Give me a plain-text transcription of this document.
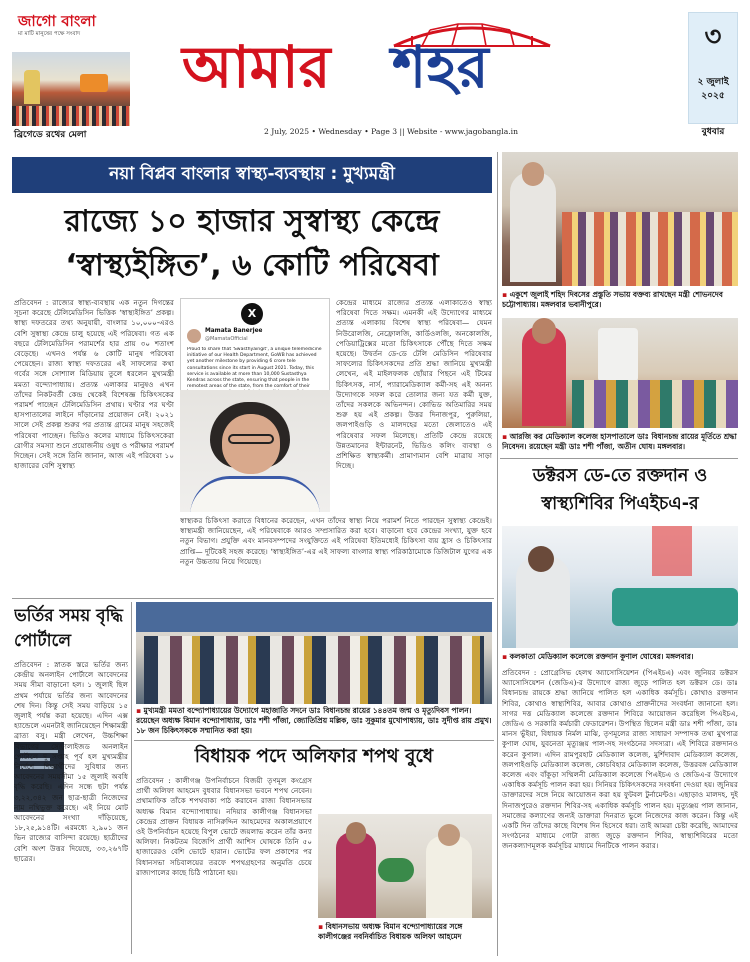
জাগো বাংলা
মা মাটি মানুষের পক্ষে সংবাদ
ব্রিগেডে রথের মেলা
আমার শহর
2 July, 2025 • Wednesday • Page 3 || Website - www.jagobangla.in
৩
২ জুলাই ২০২৫
বুধবার
নয়া বিপ্লব বাংলার স্বাস্থ্য-ব্যবস্থায় : মুখ্যমন্ত্রী
রাজ্যে ১০ হাজার সুস্বাস্থ্য কেন্দ্রে
‘স্বাস্থ্যইঙ্গিত’, ৬ কোটি পরিষেবা
প্রতিবেদন : রাজ্যের স্বাস্থ্য-ব্যবস্থায় এক নতুন দিগন্তের সূচনা করেছে টেলিমেডিসিন ভিত্তিক ‘স্বাস্থ্যইঙ্গিত’ প্রকল্প। স্বাস্থ্য দফতরের তথ্য অনুযায়ী, বাংলার ১০,০০০-এরও বেশি সুস্বাস্থ্য কেন্দ্রে চালু হয়েছে এই পরিষেবা। গত এক বছরে টেলিমেডিসিন পরামর্শের হার প্রায় ৩০ শতাংশ বেড়েছে। এখনও পর্যন্ত ৬ কোটি মানুষ পরিষেবা পেয়েছেন। রাজ্য স্বাস্থ্য দফতরের এই সাফল্যের কথা গর্বের সঙ্গে সোশ্যাল মিডিয়ায় তুলে ধরলেন মুখ্যমন্ত্রী মমতা বন্দ্যোপাধ্যায়। প্রত্যন্ত এলাকার মানুষও এখন তাঁদের নিকটবর্তী কেন্দ্র থেকেই বিশেষজ্ঞ চিকিৎসকের পরামর্শ পাচ্ছেন টেলিমেডিসিন প্রথায়। ঘণ্টার পর ঘণ্টা হাসপাতালের লাইনে দাঁড়ানোর প্রয়োজন নেই। ২০২১ সালে সেই প্রকল্প শুরুর পর প্রত্যন্ত গ্রামের মানুষ সহজেই পরিষেবা পাচ্ছেন। ভিডিও কলের মাধ্যমে চিকিৎসকেরা রোগীর সমস্যা শুনে প্রয়োজনীয় ওষুধ ও পরীক্ষার পরামর্শ দিচ্ছেন। সেই সঙ্গে তিনি জানান, আজ এই পরিষেবা ১০ হাজারের বেশি সুস্বাস্থ্য
X
Mamata Banerjee
@MamataOfficial
Proud to share that 'Swasthyaingit', a unique telemedicine initiative of our Health Department, GoWB has achieved yet another milestone by providing 6 crore tele consultations since its start in August 2021. Today, this service is available at more than 10,000 Sustasthya Kendras across the state, ensuring that people in the remotest areas of the state, from the comfort of their
কেন্দ্রের মাধ্যমে রাজ্যের প্রত্যন্ত এলাকাতেও স্বাস্থ্য পরিষেবা দিতে সক্ষম। এমনকী এই উদ্যোগের মাধ্যমে প্রত্যন্ত এলাকায় বিশেষ স্বাস্থ্য পরিষেবা— যেমন নিউরোলজি, নেফ্রোলজি, কার্ডিওলজি, অনকোলজি, পেডিয়াট্রিক্সের মতো চিকিৎসাকে পৌঁছে দিতে সক্ষম হয়েছে। উদ্বর্তন ডে-ডে টেলি মেডিসিন পরিষেবার সাফল্যের চিকিৎসকদের প্রতি শ্রদ্ধা জানিয়ে মুখ্যমন্ত্রী লেখেন, এই মাইলফলক ছোঁয়ার পিছনে এই টিমের চিকিৎসক, নার্স, প্যারামেডিক্যাল কর্মী-সহ এই অনন্য উদ্যোগকে সফল করে তোলার জন্য যত কর্মী যুক্ত, তাঁদের সকলকে অভিনন্দন। কোভিড অতিমারির সময় শুরু হয় এই প্রকল্প। উত্তর দিনাজপুর, পুরুলিয়া, জলপাইগুড়ি ও মালদহের মতো জেলাতেও এই পরিষেবার সফল মিলেছে। প্রতিটি কেন্দ্রে রয়েছে উন্নতমানের ইন্টারনেট, ভিডিও কলিং ব্যবস্থা ও প্রশিক্ষিত স্বাস্থ্যকর্মী। প্রামাণ্যমান বেশি মাত্রায় সাড়া দিচ্ছে।
স্বাস্থ্যকর চিকিৎসা করাতে বিধানের করেছেন, এখন তাঁদের স্বাস্থ্য নিয়ে পরামর্শ নিতে পারছেন সুস্বাস্থ্য কেন্দ্রেই। স্বাস্থ্যমন্ত্রী জানিয়েছেন, এই পরিষেবাকে আরও সম্প্রসারিত করা হবে। বাড়ানো হবে কেন্দ্রের সংখ্যা, যুক্ত হবে নতুন বিভাগ। প্রযুক্তি এবং মানবসম্পদের সংযুক্তিতে এই পরিষেবা ইতিমধ্যেই চিকিৎসা ব্যয় হ্রাস ও চিকিৎসার প্রাপ্তি— দুটিকেই সহজ করেছে। ‘স্বাস্থ্যইঙ্গিত’-এর এই সাফল্য বাংলার স্বাস্থ্য পরিকাঠামোকে ডিজিটাল যুগের এক নতুন উচ্চতায় নিয়ে গিয়েছে।
▪ একুশে জুলাই শহিদ দিবসের প্রস্তুতি সভায় বক্তব্য রাখছেন মন্ত্রী শোভনদেব চট্টোপাধ্যায়। মঙ্গলবার ভবানীপুরে।
▪ আরজি কর মেডিক্যাল কলেজ হাসপাতালে ডাঃ বিধানচন্দ্র রায়ের মূর্তিতে শ্রদ্ধা নিবেদন। রয়েছেন মন্ত্রী ডাঃ শশী পাঁজা, অতীন ঘোষ। মঙ্গলবার।
ডক্টরস ডে-তে রক্তদান ও
স্বাস্থ্যশিবির পিএইচএ-র
▪ কলকাতা মেডিক্যাল কলেজে রক্তদান কুণাল ঘোষের। মঙ্গলবার।
প্রতিবেদন : প্রোগ্রেসিভ হেলথ অ্যাসোসিয়েশন (পিএইচএ) এবং জুনিয়র ডক্টরস অ্যাসোসিয়েশন (জেডিএ)-র উদ্যোগে রাজ্য জুড়ে পালিত হল ডক্টরস ডে। ডাঃ বিধানচন্দ্র রায়কে শ্রদ্ধা জানিয়ে পালিত হল একাধিক কর্মসূচি। কোথাও রক্তদান শিবির, কোথাও স্বাস্থ্যশিবির, আবার কোথাও প্রাক্তনীদের সংবর্ধনা জানানো হল। সাগর দত্ত মেডিক্যাল কলেজে রক্তদান শিবিরে আয়োজন করেছিল পিএইচএ, জেডিএ ও সরকারি কর্মচারী ফেডারেশন। উপস্থিত ছিলেন মন্ত্রী ডাঃ শশী পাঁজা, ডাঃ মানস ভুঁইয়া, বিধায়ক নির্মল মাঝি, তৃণমূলের রাজ্য সাধারণ সম্পাদক তথা মুখপাত্র কুণাল ঘোষ, যুবনেতা মৃত্যুঞ্জয় পাল-সহ সংগঠনের সদস্যরা। এই শিবিরে রক্তদানও করেন কুণাল। এদিন রামপুরহাট মেডিক্যাল কলেজ, মুর্শিদাবাদ মেডিক্যাল কলেজ, জলপাইগুড়ি মেডিক্যাল কলেজ, কোচবিহার মেডিক্যাল কলেজ, উত্তরবঙ্গ মেডিক্যাল কলেজ এবং বাঁকুড়া সম্মিলনী মেডিক্যাল কলেজে পিএইচএ ও জেডিএ-র উদ্যোগে একাধিক কর্মসূচি পালন করা হয়। সিনিয়র চিকিৎসকদের সংবর্ধনা দেওয়া হয়। জুনিয়র ডাক্তারদের সঙ্গে নিয়ে আয়োজন করা হয় ফুটবল টুর্নামেন্টও। এছাড়াও মালদহ, দুই দিনাজপুরেও রক্তদান শিবির-সহ একাধিক কর্মসূচি পালন হয়। মৃত্যুঞ্জয় পাল জানান, সমাজের কল্যাণের জন্যই ডাক্তারা দিনরাত ভুলে নিজেদের কাজ করেন। কিন্তু এই একটি দিন তাঁদের কাছে বিশেষ দিন হিসেবে ধরা। তাই আমরা চেষ্টা করেছি, আমাদের সংগঠনের মাধ্যমে গোটা রাজ্য জুড়ে রক্তদান শিবির, স্বাস্থ্যশিবিরের মতো জনকল্যাণমূলক কর্মসূচির মাধ্যমে দিনটিকে পালন করার।
ভর্তির সময় বৃদ্ধি পোর্টালে
প্রতিবেদন : স্নাতক স্তরে ভর্তির জন্য কেন্দ্রীয় অনলাইন পোর্টালে আবেদনের সময় সীমা বাড়ানো হল। ১ জুলাই ছিল প্রথম পর্যায়ে ভর্তির জন্য আবেদনের শেষ দিন। কিন্তু সেই সময় বাড়িয়ে ১৫ জুলাই পর্যন্ত করা হয়েছে। এদিন এক্স হ্যান্ডেলে এমনটাই জানিয়েছেন শিক্ষামন্ত্রী ব্রাত্য বসু। মন্ত্রী লেখেন, উচ্চশিক্ষা বিভাগের সেন্ট্রালাইজড অনলাইন পোর্টালে দু সপ্তাহ পূর্ব হল মুখ্যমন্ত্রীর নির্দেশে শিক্ষার্থীদের সুবিধার জন্য আবেদনের সময়সীমা ১৫ জুলাই অবধি বৃদ্ধি করেছি। এদিন সন্ধে ছটা পর্যন্ত ৩,২২,৩৪২ জন ছাত্র-ছাত্রী নিজেদের নাম নথিভুক্ত করেছে। এই নিয়ে মোট আবেদনের সংখ্যা দাঁড়িয়েছে, ১৮,২৫,৯১৪টি। এরমধ্যে ২,৯০১ জন ভিন রাজ্যের বাসিন্দা রয়েছে। ছাত্রীদের বেশি অংশ উত্তর দিয়েছে, ৩৩,২৬৭টি ছাত্রের।
▪ মুখ্যমন্ত্রী মমতা বন্দ্যোপাধ্যায়ের উদ্যোগে মহাজাতি সদনে ডাঃ বিধানচন্দ্র রায়ের ১৪৪তম জন্ম ও মৃত্যুদিবস পালন। রয়েছেন অধ্যক্ষ বিমান বন্দ্যোপাধ্যায়, ডাঃ শশী পাঁজা, জ্যোতিপ্রিয় মল্লিক, ডাঃ সুকুমার মুখোপাধ্যায়, ডাঃ সুদীপ্ত রায় প্রমুখ। ১৮ জন চিকিৎসককে সম্মানিত করা হয়।
বিধায়ক পদে অলিফার শপথ বুধে
প্রতিবেদন : কালীগঞ্জ উপনির্বাচনে বিজয়ী তৃণমূল কংগ্রেস প্রার্থী অলিফা আহমেদ বুধবার বিধানসভা ভবনে শপথ নেবেন। প্রথামাফিক তাঁকে শপথবাক্য পাঠ করাবেন রাজ্য বিধানসভার অধ্যক্ষ বিমান বন্দ্যোপাধ্যায়। নদিয়ার কালীগঞ্জ বিধানসভা কেন্দ্রের প্রাক্তন বিধায়ক নাসিরুদ্দিন আহমেদের অকালপ্রয়াণে ওই উপনির্বাচন হয়েছে বিপুল ভোটে জয়লাভ করেন তাঁর কন্যা অলিফা। নিকটতম বিজেপি প্রার্থী আশিস ঘোষকে তিনি ৫০ হাজারেরও বেশি ভোটে হারান। ভোটের ফল প্রকাশের পর বিধানসভা সচিবালয়ের তরফে শপথগ্রহণের অনুমতি চেয়ে রাজ্যপালের কাছে চিঠি পাঠানো হয়।
▪ বিধানসভায় অধ্যক্ষ বিমান বন্দ্যোপাধ্যায়ের সঙ্গে কালীগঞ্জের নবনির্বাচিত বিধায়ক অলিফা আহমেদ
